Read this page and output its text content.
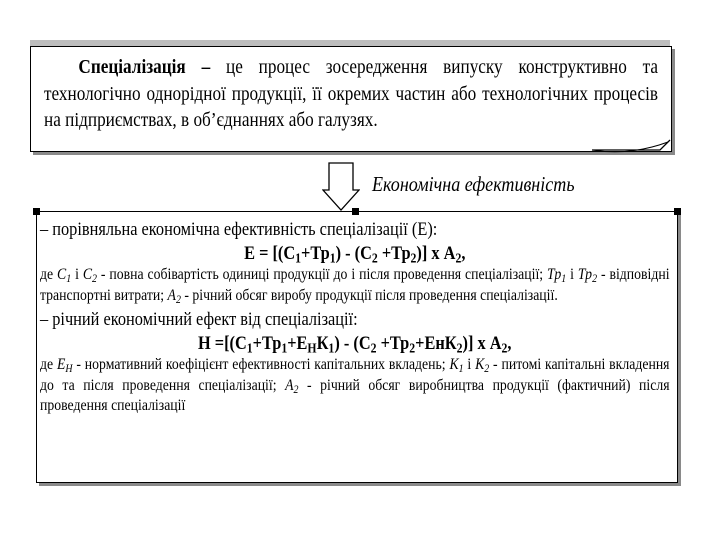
Спеціалізація – це процес зосередження випуску конструктивно та технологічно однорідної продукції, її окремих частин або технологічних процесів на підприємствах, в об’єднаннях або галузях.
Економічна ефективність
– порівняльна економічна ефективність спеціалізації (Е):
$Е = [(С_1+Тр_1) - (С_2 +Тр_2)]$ х $А_2$,
де $С_1$ і $С_2$ - повна собівартість одиниці продукції до і після проведення спеціалізації; $Тр_1$ і $Тр_2$ - відповідні транспортні витрати; $А_2$ - річний обсяг виробу продукції після проведення спеціалізації.
– річний економічний ефект від спеціалізації:
$Н =[(С_1+Тр_1+Е_НК_1) - (С_2 +Тр_2+ЕнК_2)]$ х $А_2$,
де $Е_Н$ - нормативний коефіцієнт ефективності капітальних вкладень; $К_1$ і $К_2$ - питомі капітальні вкладення до та після проведення спеціалізації; $А_2$ - річний обсяг виробництва продукції (фактичний) після проведення спеціалізації
